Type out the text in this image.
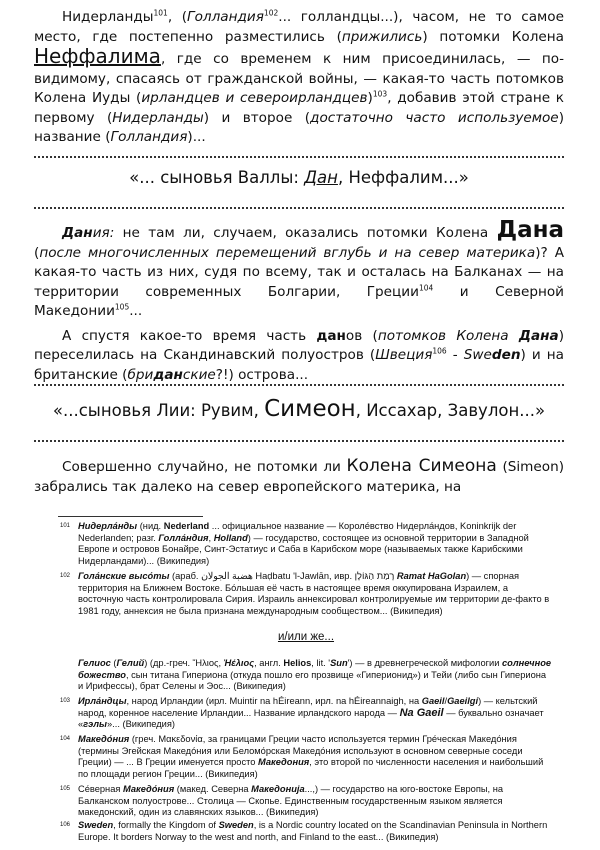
Нидерланды$^{101}$, (Голландия$^{102}$... голландцы...), часом, не то самое место, где постепенно разместились (прижились) потомки Колена Неффалима, где со временем к ним присоединилась, — по-видимому, спасаясь от гражданской войны, — какая-то часть потомков Колена Иуды (ирландцев и североирландцев)$^{103}$, добавив этой стране к первому (Нидерланды) и второе (достаточно часто используемое) название (Голландия)...

«... сыновья Валлы: Дан, Неффалим...»

Дания: не там ли, случаем, оказались потомки Колена Дана (после многочисленных перемещений вглубь и на север материка)? А какая-то часть из них, судя по всему, так и осталась на Балканах — на территории современных Болгарии, Греции$^{104}$ и Северной Македонии$^{105}$...

А спустя какое-то время часть данов (потомков Колена Дана) переселилась на Скандинавский полуостров (Швеция$^{106}$ - Sweden) и на британские (бриданские?!) острова...

«...сыновья Лии: Рувим, Симеон, Иссахар, Завулон...»

Совершенно случайно, не потомки ли Колена Симеона (Simeon) забрались так далеко на север европейского материка, на

101 Нидерла́нды (нид. Nederland ... официальное название — Короле́вство Нидерла́ндов, Koninkrijk der Nederlanden; разг. Голла́ндия, Holland) — государство, состоящее из основной территории в Западной Европе и островов Бонайре, Синт-Эстатиус и Саба в Карибском море (называемых также Карибскими Нидерландами)... (Википедия)
102 Гола́нские высо́ты (араб. هضبة الجولان‎ Haḍbatu 'l-Jawlān, ивр. רָמַת הַגּוֹלָן‎ Ramat HaGolan) — спорная территория на Ближнем Востоке. Бо́льшая её часть в настоящее время оккупирована Израилем, а восточную часть контролировала Сирия. Израиль аннексировал контролируемые им территории де-факто в 1981 году, аннексия не была признана международным сообществом... (Википедия)
и/или же...
Гелиос (Гелий) (др.-греч. Ἥλιος, Ἠέλιος, англ. Helios, lit. 'Sun') — в древнегреческой мифологии солнечное божество, сын титана Гипериона (откуда пошло его прозвище «Гиперионид») и Тейи (либо сын Гипериона и Ирифессы), брат Селены и Эос... (Википедия)
103 Ирла́ндцы, народ Ирландии (ирл. Muintir na hÉireann, ирл. na hÉireannaigh, на Gaeil/Gaeilgi) — кельтский народ, коренное население Ирландии... Название ирландского народа — Na Gaeil — буквально означает «гэлы»... (Википедия)
104 Македо́ния (греч. Μακεδονία, за границами Греции часто используется термин Гре́ческая Македо́ния (термины Эгейская Македо́ния или Беломо́рская Македо́ния используют в основном северные соседи Греции) — ... В Греции именуется просто Македония, это второй по численности населения и наибольший по площади регион Греции... (Википедия)
105 Се́верная Македо́ния (макед. Северна Македонија...,) — государство на юго-востоке Европы, на Балканском полуострове... Столица — Скопье. Единственным государственным языком является македонский, один из славянских языков... (Википедия)
106 Sweden, formally the Kingdom of Sweden, is a Nordic country located on the Scandinavian Peninsula in Northern Europe. It borders Norway to the west and north, and Finland to the east... (Википедия)
